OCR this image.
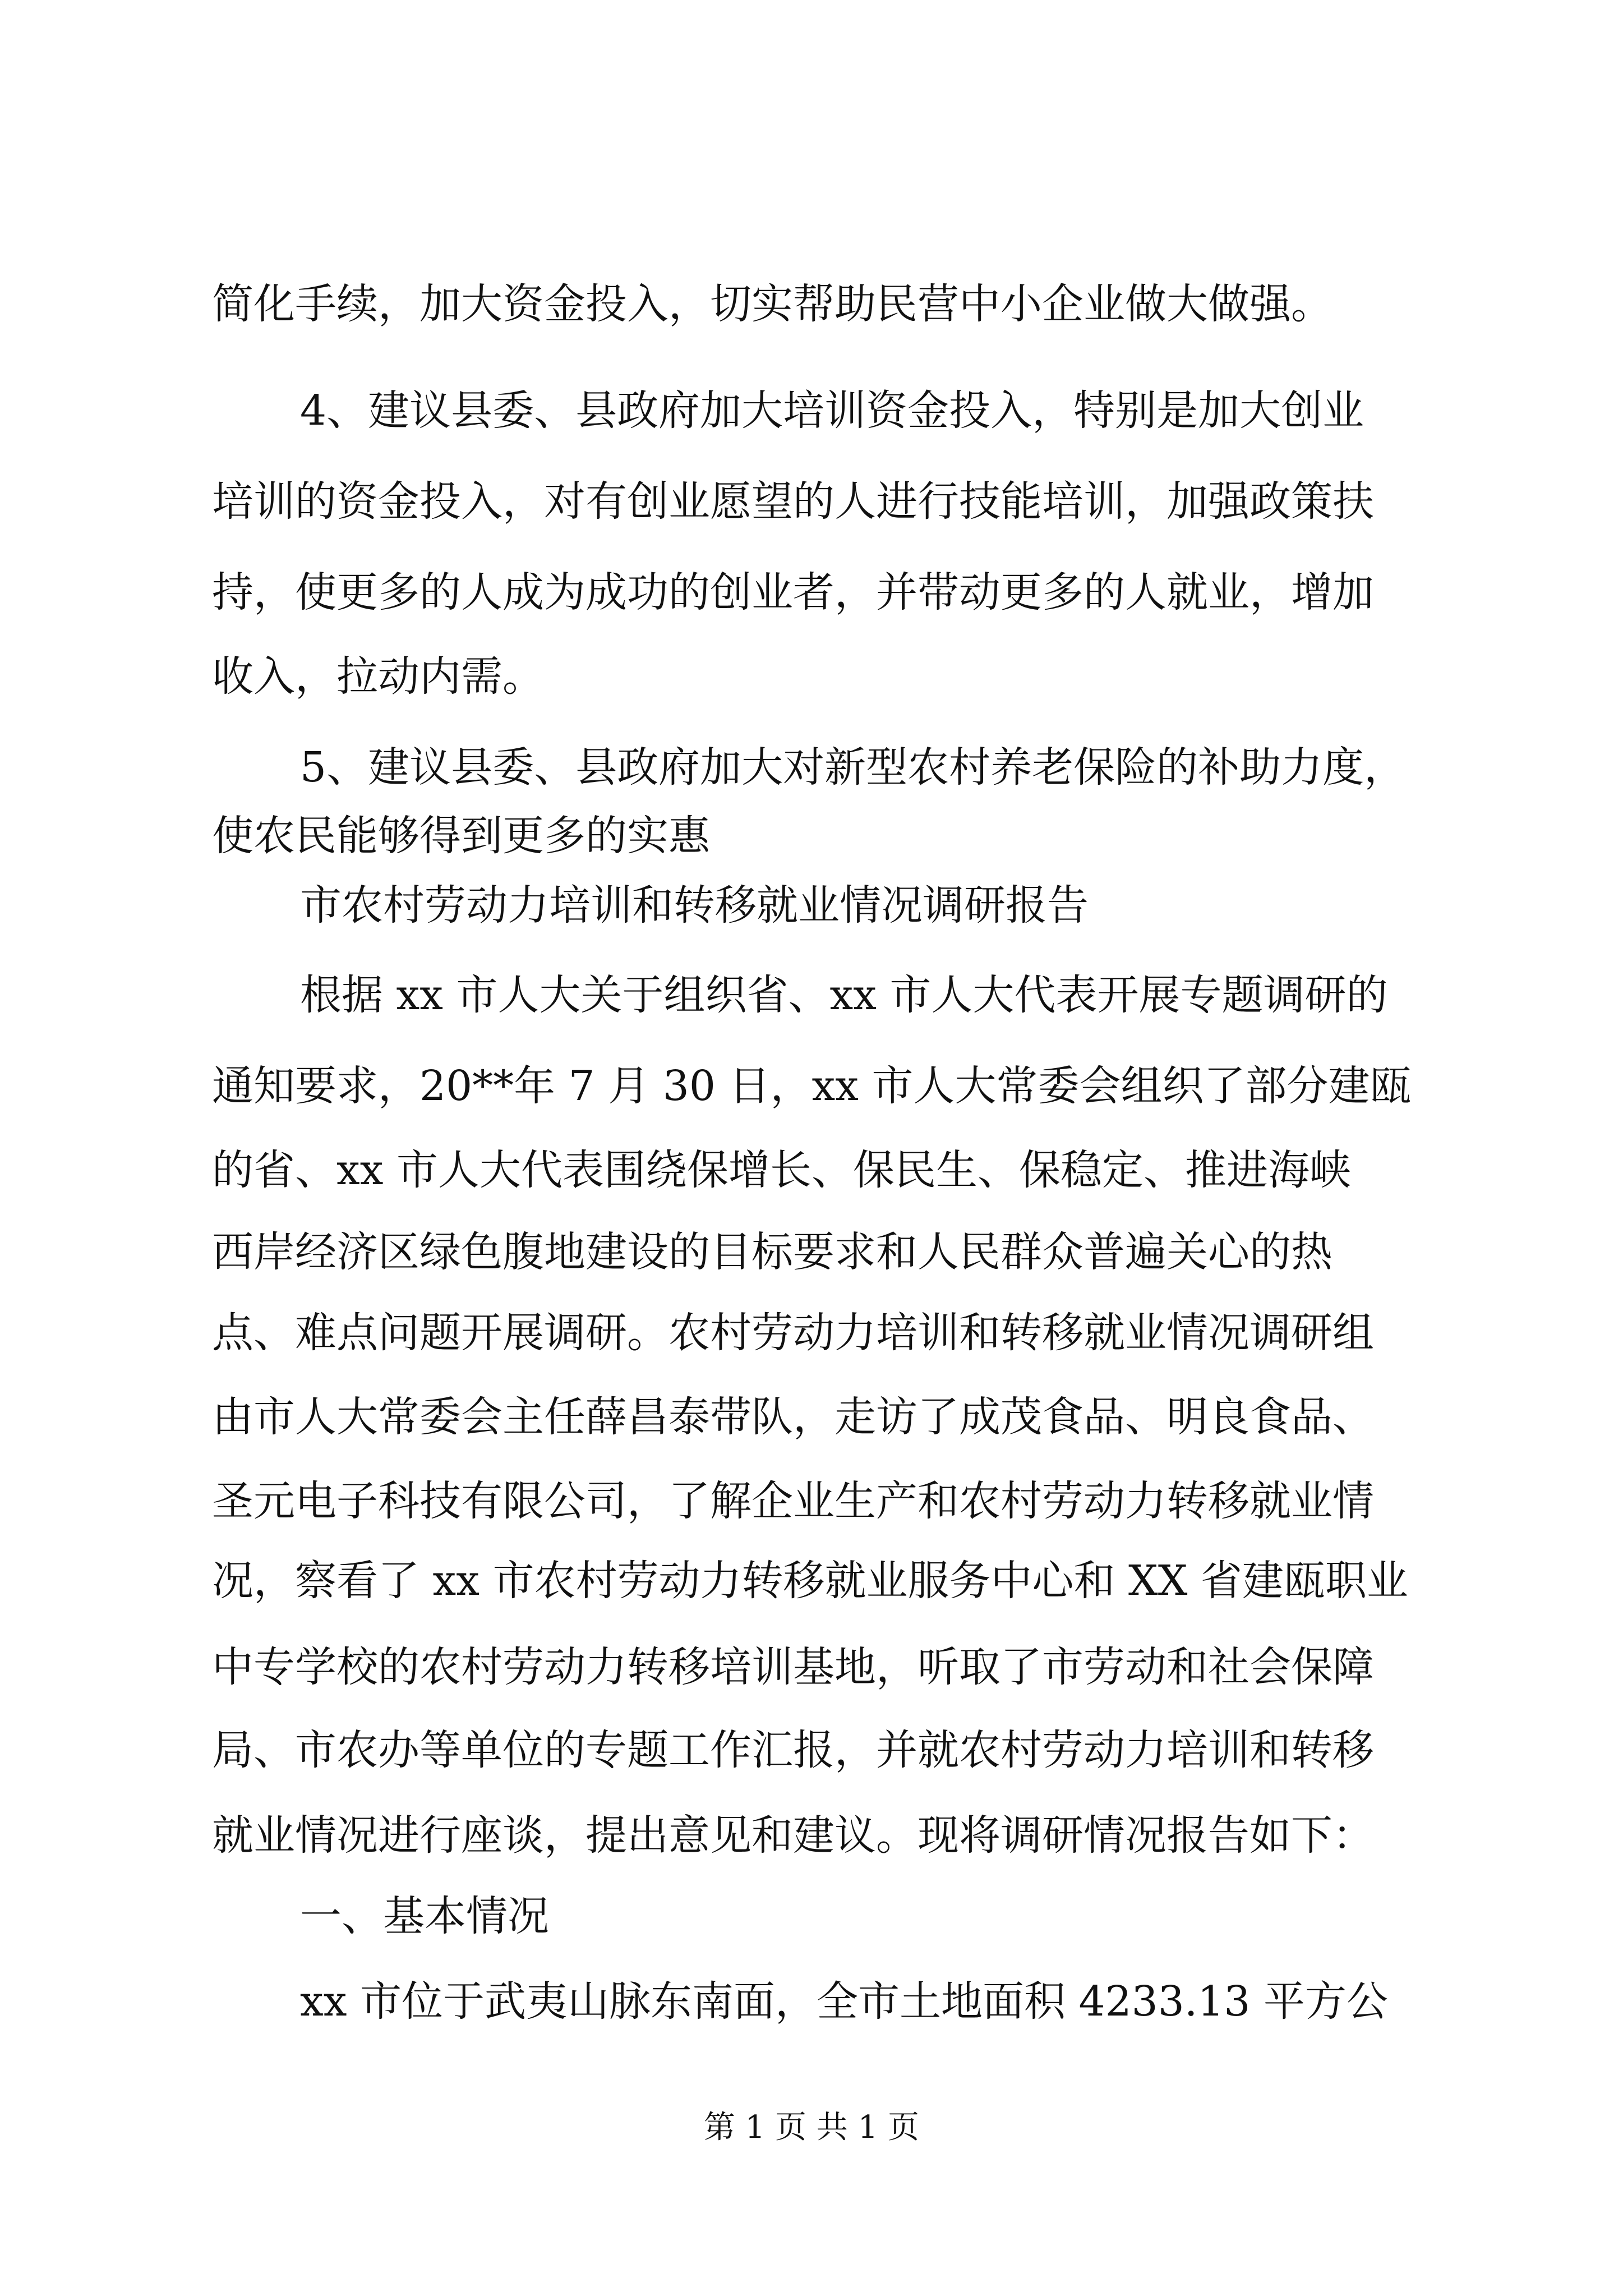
简化手续，加大资金投入，切实帮助民营中小企业做大做强。
4、建议县委、县政府加大培训资金投入，特别是加大创业
培训的资金投入，对有创业愿望的人进行技能培训，加强政策扶
持，使更多的人成为成功的创业者，并带动更多的人就业，增加
收入，拉动内需。
5、建议县委、县政府加大对新型农村养老保险的补助力度，
使农民能够得到更多的实惠
市农村劳动力培训和转移就业情况调研报告
根据 xx 市人大关于组织省、xx 市人大代表开展专题调研的
通知要求，20**年 7 月 30 日，xx 市人大常委会组织了部分建瓯
的省、xx 市人大代表围绕保增长、保民生、保稳定、推进海峡
西岸经济区绿色腹地建设的目标要求和人民群众普遍关心的热
点、难点问题开展调研。农村劳动力培训和转移就业情况调研组
由市人大常委会主任薛昌泰带队，走访了成茂食品、明良食品、
圣元电子科技有限公司，了解企业生产和农村劳动力转移就业情
况，察看了 xx 市农村劳动力转移就业服务中心和 XX 省建瓯职业
中专学校的农村劳动力转移培训基地，听取了市劳动和社会保障
局、市农办等单位的专题工作汇报，并就农村劳动力培训和转移
就业情况进行座谈，提出意见和建议。现将调研情况报告如下：
一、基本情况
xx 市位于武夷山脉东南面，全市土地面积 4233.13 平方公
第 1 页 共 1 页
